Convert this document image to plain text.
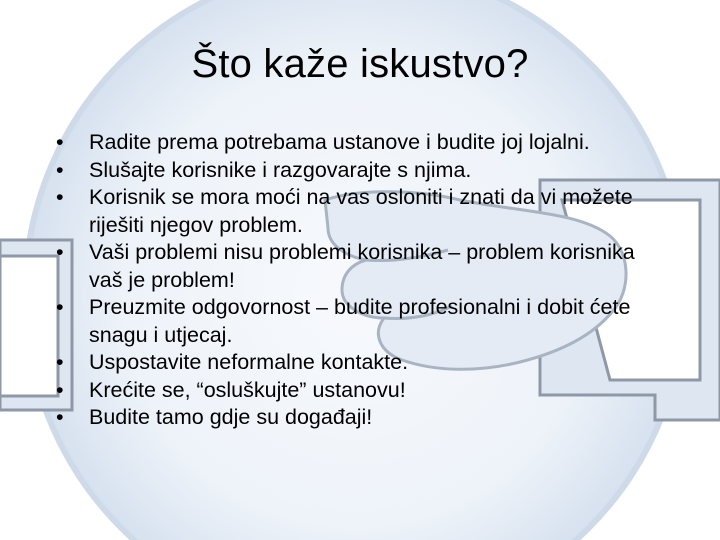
Što kaže iskustvo?
• Radite prema potrebama ustanove i budite joj lojalni.
• Slušajte korisnike i razgovarajte s njima.
• Korisnik se mora moći na vas osloniti i znati da vi možete riješiti njegov problem.
• Vaši problemi nisu problemi korisnika – problem korisnika vaš je problem!
• Preuzmite odgovornost – budite profesionalni i dobit ćete snagu i utjecaj.
• Uspostavite neformalne kontakte.
• Krećite se, “osluškujte” ustanovu!
• Budite tamo gdje su događaji!
